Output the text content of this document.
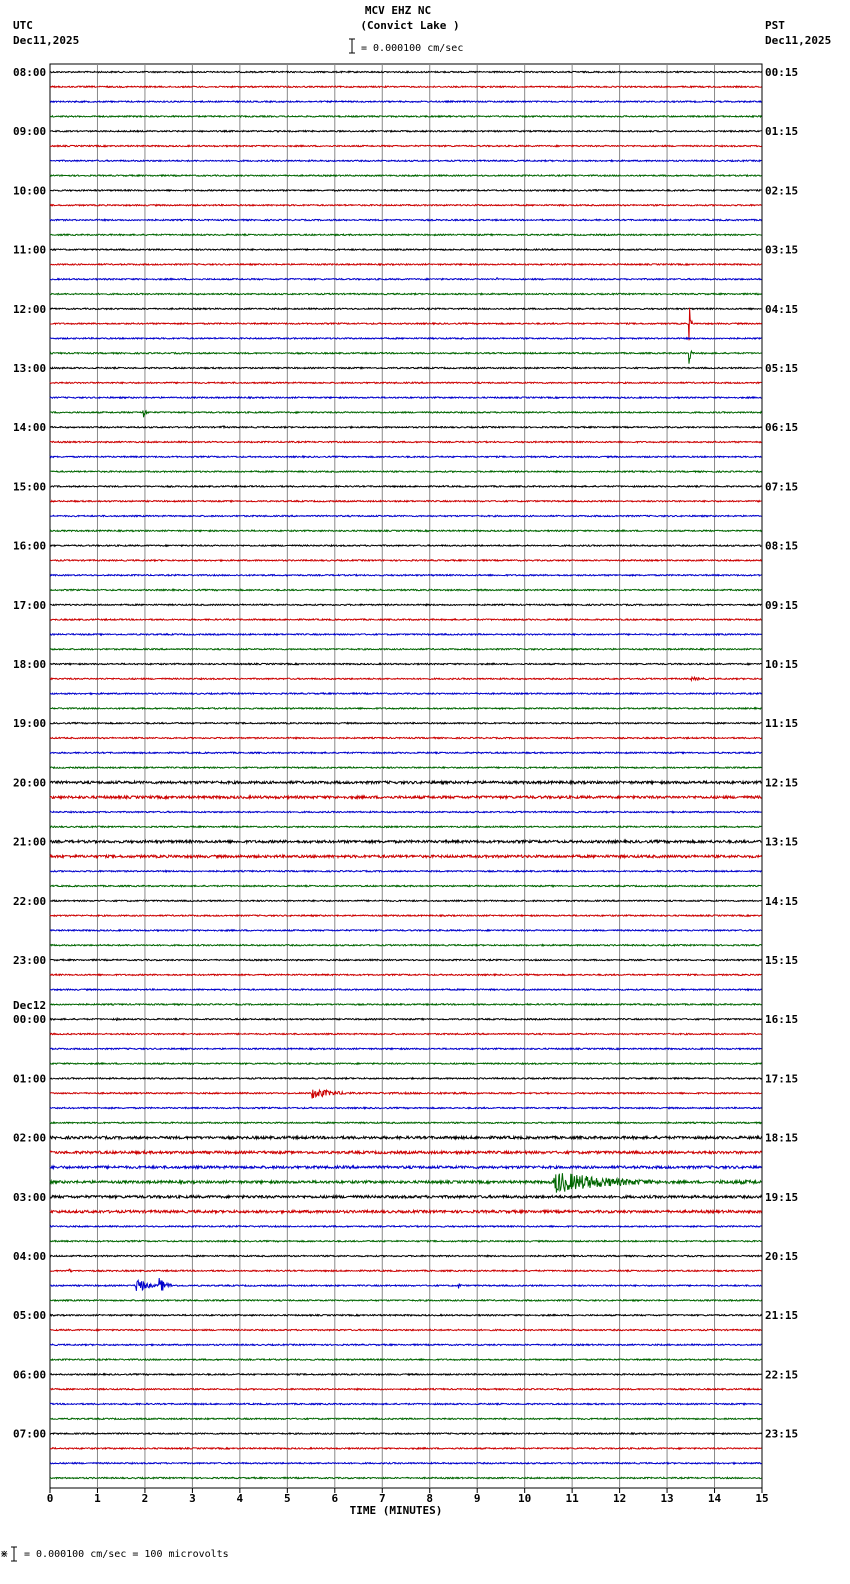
UTC
Dec11,2025
MCV EHZ NC
(Convict Lake )
= 0.000100 cm/sec
PST
Dec11,2025
0	1	2	3	4	5	6	7	8	9	10	11	12	13	14	15
TIME (MINUTES)
08:00
09:00
10:00
11:00
12:00
13:00
14:00
15:00
16:00
17:00
18:00
19:00
20:00
21:00
22:00
23:00
00:00
Dec12
01:00
02:00
03:00
04:00
05:00
06:00
07:00
00:15
01:15
02:15
03:15
04:15
05:15
06:15
07:15
08:15
09:15
10:15
11:15
12:15
13:15
14:15
15:15
16:15
17:15
18:15
19:15
20:15
21:15
22:15
23:15
⋇ = 0.000100 cm/sec = 100 microvolts
